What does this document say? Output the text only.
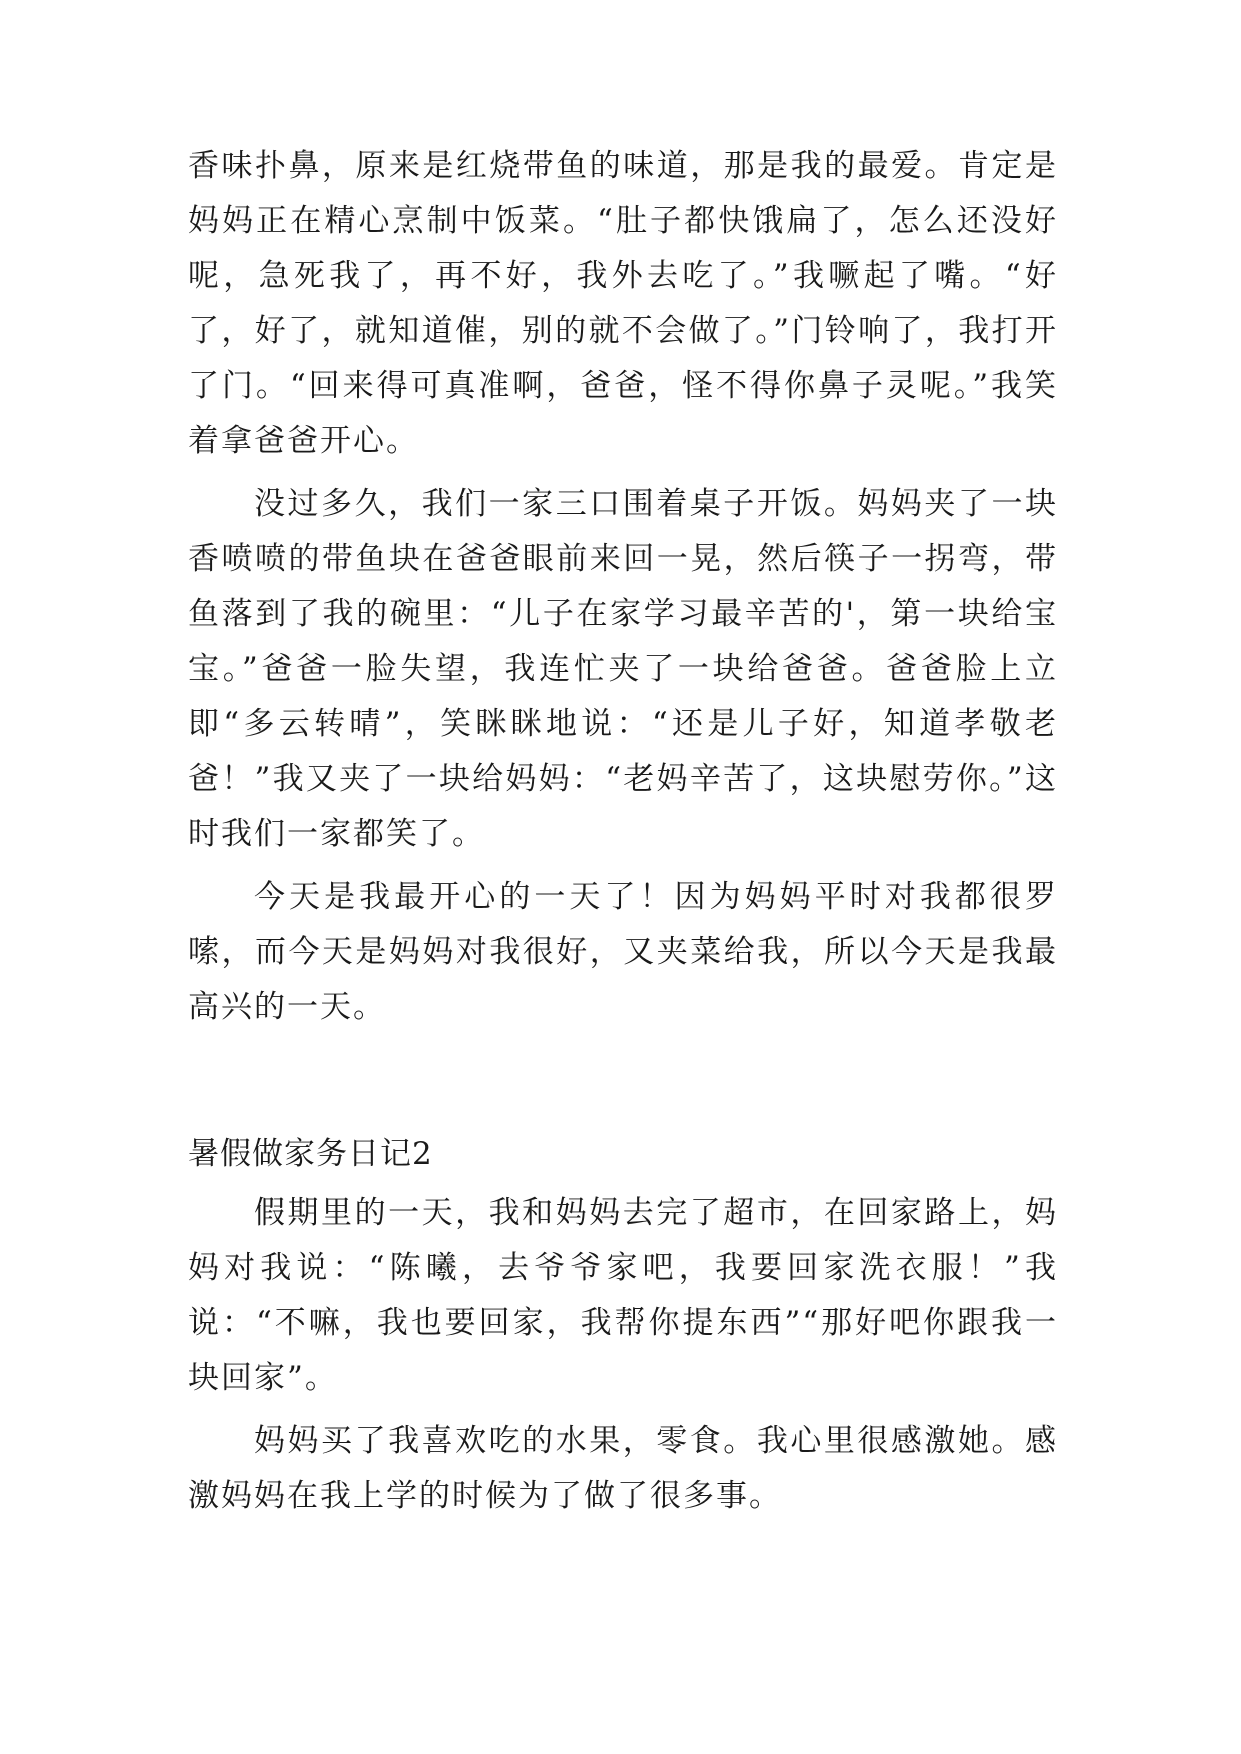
香味扑鼻，原来是红烧带鱼的味道，那是我的最爱。肯定是妈妈正在精心烹制中饭菜。“肚子都快饿扁了，怎么还没好呢，急死我了，再不好，我外去吃了。”我噘起了嘴。“好了，好了，就知道催，别的就不会做了。”门铃响了，我打开了门。“回来得可真准啊，爸爸，怪不得你鼻子灵呢。”我笑着拿爸爸开心。

没过多久，我们一家三口围着桌子开饭。妈妈夹了一块香喷喷的带鱼块在爸爸眼前来回一晃，然后筷子一拐弯，带鱼落到了我的碗里：“儿子在家学习最辛苦的'，第一块给宝宝。”爸爸一脸失望，我连忙夹了一块给爸爸。爸爸脸上立即“多云转晴”，笑眯眯地说：“还是儿子好，知道孝敬老爸！”我又夹了一块给妈妈：“老妈辛苦了，这块慰劳你。”这时我们一家都笑了。

今天是我最开心的一天了！因为妈妈平时对我都很罗嗦，而今天是妈妈对我很好，又夹菜给我，所以今天是我最高兴的一天。

暑假做家务日记2

假期里的一天，我和妈妈去完了超市，在回家路上，妈妈对我说：“陈曦，去爷爷家吧，我要回家洗衣服！”我说：“不嘛，我也要回家，我帮你提东西”“那好吧你跟我一块回家”。

妈妈买了我喜欢吃的水果，零食。我心里很感激她。感激妈妈在我上学的时候为了做了很多事。
